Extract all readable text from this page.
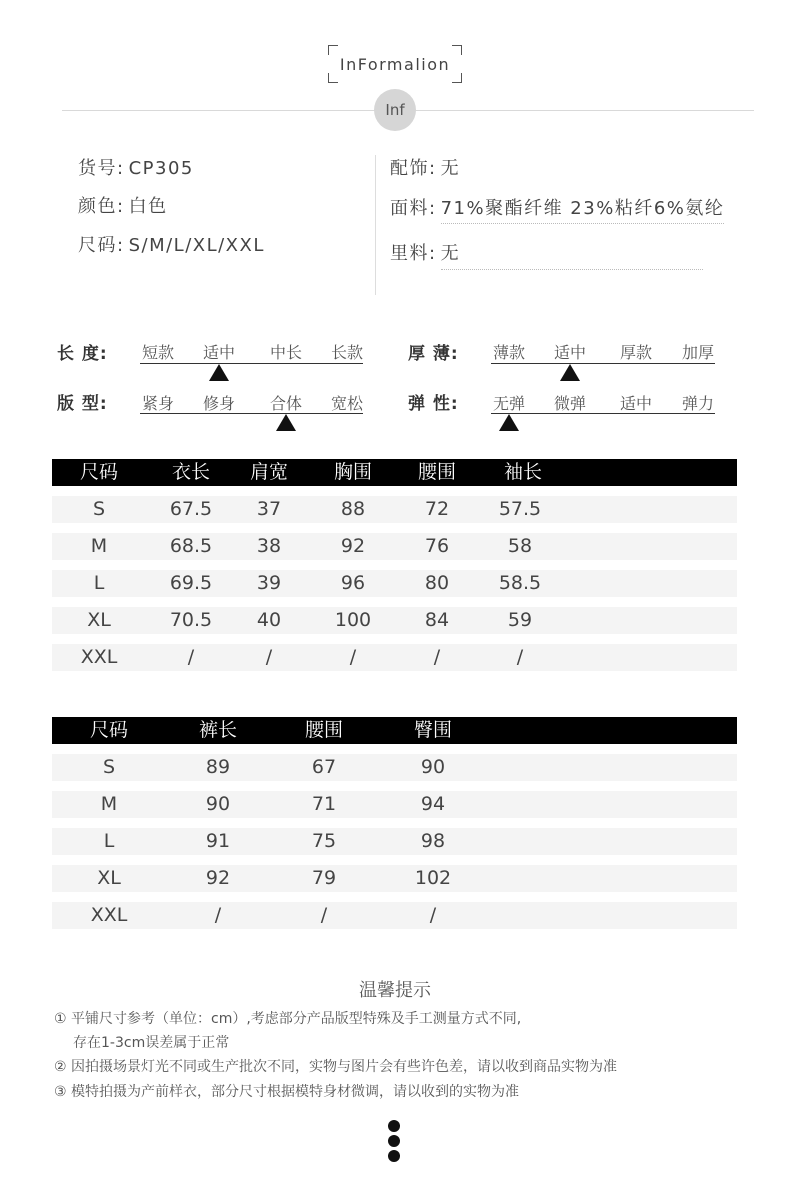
InFormalion
Inf
货号: CP305
颜色: 白色
尺码: S/M/L/XL/XXL
配饰: 无
面料: 71%聚酯纤维 23%粘纤6%氨纶
里料: 无
长 度: 短款 适中 中长 长款	厚 薄: 薄款 适中 厚款 加厚
版 型: 紧身 修身 合体 宽松	弹 性: 无弹 微弹 适中 弹力
尺码	衣长 肩宽 胸围 腰围	袖长
S	67.5 37	88	72	57.5
M	68.5 38	92	76	58
L	69.5 39	96	80	58.5
XL	70.5 40	100	84	59
XXL	/	/	/	/	/
尺码	裤长	腰围	臀围
S	89	67	90
M	90	71	94
L	91	75	98
XL	92	79	102
XXL	/	/	/
温馨提示
① 平铺尺寸参考（单位：cm）,考虑部分产品版型特殊及手工测量方式不同,
存在1-3cm误差属于正常
② 因拍摄场景灯光不同或生产批次不同，实物与图片会有些许色差，请以收到商品实物为准
③ 模特拍摄为产前样衣，部分尺寸根据模特身材微调，请以收到的实物为准
